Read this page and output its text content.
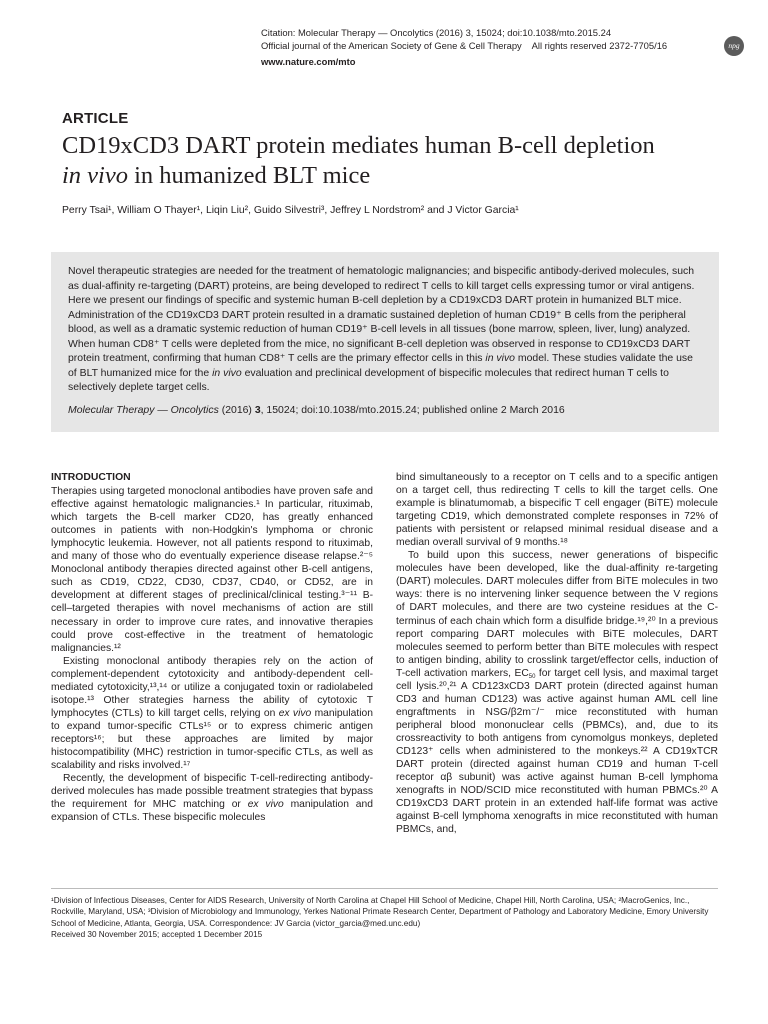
Citation: Molecular Therapy — Oncolytics (2016) 3, 15024; doi:10.1038/mto.2015.24
Official journal of the American Society of Gene & Cell Therapy    All rights reserved 2372-7705/16
www.nature.com/mto
npg
ARTICLE
CD19xCD3 DART protein mediates human B-cell depletion
in vivo in humanized BLT mice
Perry Tsai¹, William O Thayer¹, Liqin Liu², Guido Silvestri³, Jeffrey L Nordstrom² and J Victor Garcia¹
Novel therapeutic strategies are needed for the treatment of hematologic malignancies; and bispecific antibody-derived molecules, such as dual-affinity re-targeting (DART) proteins, are being developed to redirect T cells to kill target cells expressing tumor or viral antigens. Here we present our findings of specific and systemic human B-cell depletion by a CD19xCD3 DART protein in humanized BLT mice. Administration of the CD19xCD3 DART protein resulted in a dramatic sustained depletion of human CD19⁺ B cells from the peripheral blood, as well as a dramatic systemic reduction of human CD19⁺ B-cell levels in all tissues (bone marrow, spleen, liver, lung) analyzed. When human CD8⁺ T cells were depleted from the mice, no significant B-cell depletion was observed in response to CD19xCD3 DART protein treatment, confirming that human CD8⁺ T cells are the primary effector cells in this in vivo model. These studies validate the use of BLT humanized mice for the in vivo evaluation and preclinical development of bispecific molecules that redirect human T cells to selectively deplete target cells.
Molecular Therapy — Oncolytics (2016) 3, 15024; doi:10.1038/mto.2015.24; published online 2 March 2016
INTRODUCTION

Therapies using targeted monoclonal antibodies have proven safe and effective against hematologic malignancies.¹ In particular, rituximab, which targets the B-cell marker CD20, has greatly enhanced outcomes in patients with non-Hodgkin's lymphoma or chronic lymphocytic leukemia. However, not all patients respond to rituximab, and many of those who do eventually experience disease relapse.²⁻⁵ Monoclonal antibody therapies directed against other B-cell antigens, such as CD19, CD22, CD30, CD37, CD40, or CD52, are in development at different stages of preclinical/clinical testing.³⁻¹¹ B-cell–targeted therapies with novel mechanisms of action are still necessary in order to improve cure rates, and innovative therapies could prove cost-effective in the treatment of hematologic malignancies.¹²

Existing monoclonal antibody therapies rely on the action of complement-dependent cytotoxicity and antibody-dependent cell-mediated cytotoxicity,¹³,¹⁴ or utilize a conjugated toxin or radiolabeled isotope.¹³ Other strategies harness the ability of cytotoxic T lymphocytes (CTLs) to kill target cells, relying on ex vivo manipulation to expand tumor-specific CTLs¹⁵ or to express chimeric antigen receptors¹⁶; but these approaches are limited by major histocompatibility (MHC) restriction in tumor-specific CTLs, as well as scalability and risks involved.¹⁷

Recently, the development of bispecific T-cell-redirecting antibody-derived molecules has made possible treatment strategies that bypass the requirement for MHC matching or ex vivo manipulation and expansion of CTLs. These bispecific molecules

bind simultaneously to a receptor on T cells and to a specific antigen on a target cell, thus redirecting T cells to kill the target cells. One example is blinatumomab, a bispecific T cell engager (BiTE) molecule targeting CD19, which demonstrated complete responses in 72% of patients with persistent or relapsed minimal residual disease and a median overall survival of 9 months.¹⁸

To build upon this success, newer generations of bispecific molecules have been developed, like the dual-affinity re-targeting (DART) molecules. DART molecules differ from BiTE molecules in two ways: there is no intervening linker sequence between the V regions of DART molecules, and there are two cysteine residues at the C-terminus of each chain which form a disulfide bridge.¹⁹,²⁰ In a previous report comparing DART molecules with BiTE molecules, DART molecules seemed to perform better than BiTE molecules with respect to antigen binding, ability to crosslink target/effector cells, induction of T-cell activation markers, $EC_{50}$ for target cell lysis, and maximal target cell lysis.²⁰,²¹ A CD123xCD3 DART protein (directed against human CD3 and human CD123) was active against human AML cell line engraftments in NSG/β2m⁻/⁻ mice reconstituted with human peripheral blood mononuclear cells (PBMCs), and, due to its crossreactivity to both antigens from cynomolgus monkeys, depleted CD123⁺ cells when administered to the monkeys.²² A CD19xTCR DART protein (directed against human CD19 and human T-cell receptor αβ subunit) was active against human B-cell lymphoma xenografts in NOD/SCID mice reconstituted with human PBMCs.²⁰ A CD19xCD3 DART protein in an extended half-life format was active against B-cell lymphoma xenografts in mice reconstituted with human PBMCs, and,

¹Division of Infectious Diseases, Center for AIDS Research, University of North Carolina at Chapel Hill School of Medicine, Chapel Hill, North Carolina, USA; ²MacroGenics, Inc., Rockville, Maryland, USA; ³Division of Microbiology and Immunology, Yerkes National Primate Research Center, Department of Pathology and Laboratory Medicine, Emory University School of Medicine, Atlanta, Georgia, USA. Correspondence: JV Garcia (victor_garcia@med.unc.edu)
Received 30 November 2015; accepted 1 December 2015
